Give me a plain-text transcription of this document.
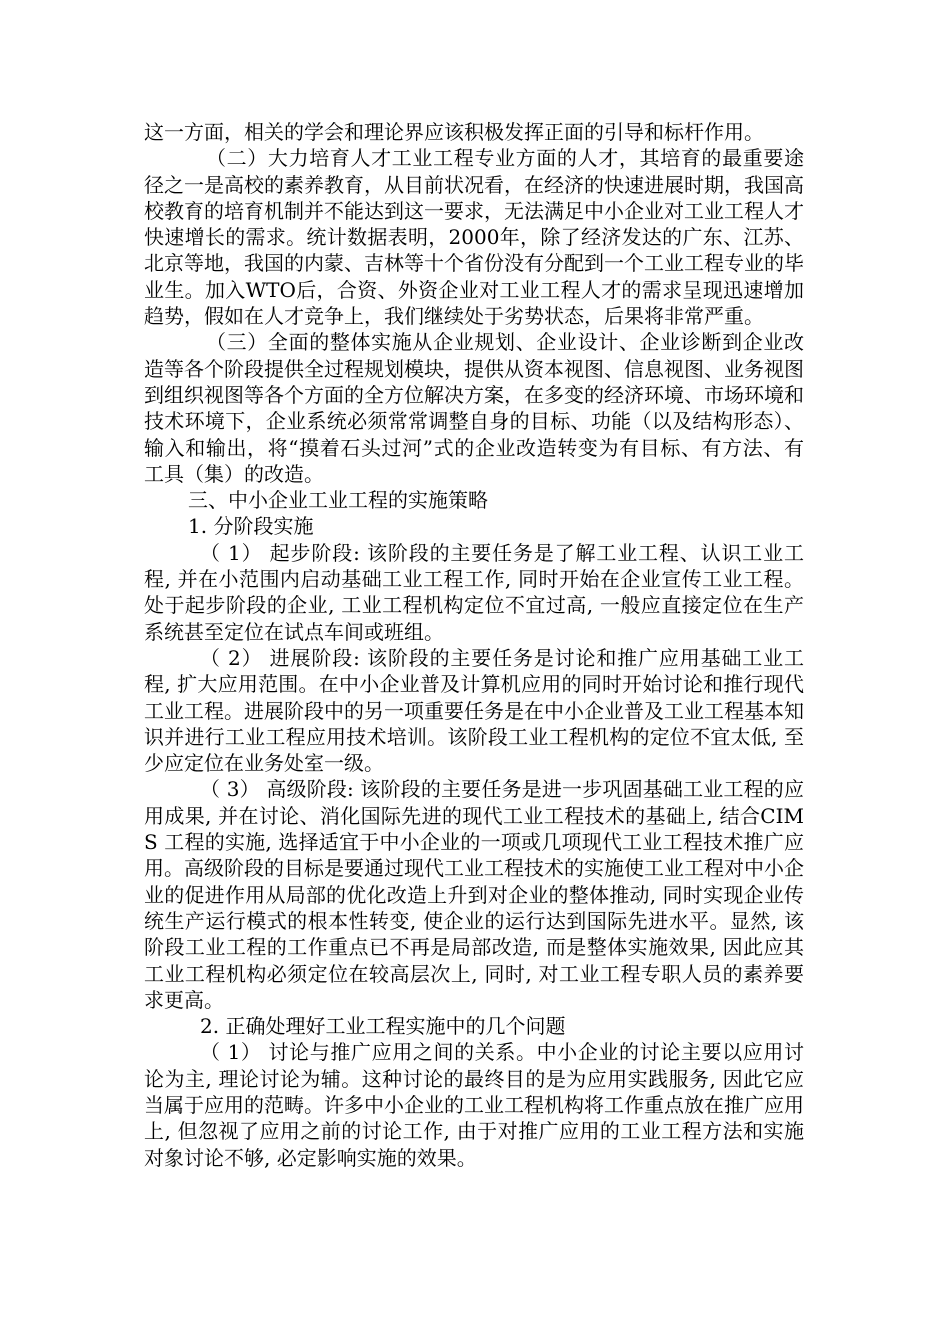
这一方面，相关的学会和理论界应该积极发挥正面的引导和标杆作用。

（二）大力培育人才工业工程专业方面的人才，其培育的最重要途径之一是高校的素养教育，从目前状况看，在经济的快速进展时期，我国高校教育的培育机制并不能达到这一要求，无法满足中小企业对工业工程人才快速增长的需求。统计数据表明，2000年，除了经济发达的广东、江苏、北京等地，我国的内蒙、吉林等十个省份没有分配到一个工业工程专业的毕业生。加入WTO后，合资、外资企业对工业工程人才的需求呈现迅速增加趋势，假如在人才竞争上，我们继续处于劣势状态，后果将非常严重。

（三）全面的整体实施从企业规划、企业设计、企业诊断到企业改造等各个阶段提供全过程规划模块，提供从资本视图、信息视图、业务视图到组织视图等各个方面的全方位解决方案，在多变的经济环境、市场环境和技术环境下，企业系统必须常常调整自身的目标、功能（以及结构形态）、输入和输出，将“摸着石头过河”式的企业改造转变为有目标、有方法、有工具（集）的改造。

三、中小企业工业工程的实施策略

1. 分阶段实施

（ 1） 起步阶段: 该阶段的主要任务是了解工业工程、认识工业工程, 并在小范围内启动基础工业工程工作, 同时开始在企业宣传工业工程。处于起步阶段的企业, 工业工程机构定位不宜过高, 一般应直接定位在生产系统甚至定位在试点车间或班组。

（ 2） 进展阶段: 该阶段的主要任务是讨论和推广应用基础工业工程, 扩大应用范围。在中小企业普及计算机应用的同时开始讨论和推行现代工业工程。进展阶段中的另一项重要任务是在中小企业普及工业工程基本知识并进行工业工程应用技术培训。该阶段工业工程机构的定位不宜太低, 至少应定位在业务处室一级。

（ 3） 高级阶段: 该阶段的主要任务是进一步巩固基础工业工程的应用成果, 并在讨论、消化国际先进的现代工业工程技术的基础上, 结合CIMS 工程的实施, 选择适宜于中小企业的一项或几项现代工业工程技术推广应用。高级阶段的目标是要通过现代工业工程技术的实施使工业工程对中小企业的促进作用从局部的优化改造上升到对企业的整体推动, 同时实现企业传统生产运行模式的根本性转变, 使企业的运行达到国际先进水平。显然, 该阶段工业工程的工作重点已不再是局部改造, 而是整体实施效果, 因此应其工业工程机构必须定位在较高层次上, 同时, 对工业工程专职人员的素养要求更高。

2. 正确处理好工业工程实施中的几个问题

（ 1） 讨论与推广应用之间的关系。中小企业的讨论主要以应用讨论为主, 理论讨论为辅。这种讨论的最终目的是为应用实践服务, 因此它应当属于应用的范畴。许多中小企业的工业工程机构将工作重点放在推广应用上, 但忽视了应用之前的讨论工作, 由于对推广应用的工业工程方法和实施对象讨论不够, 必定影响实施的效果。
